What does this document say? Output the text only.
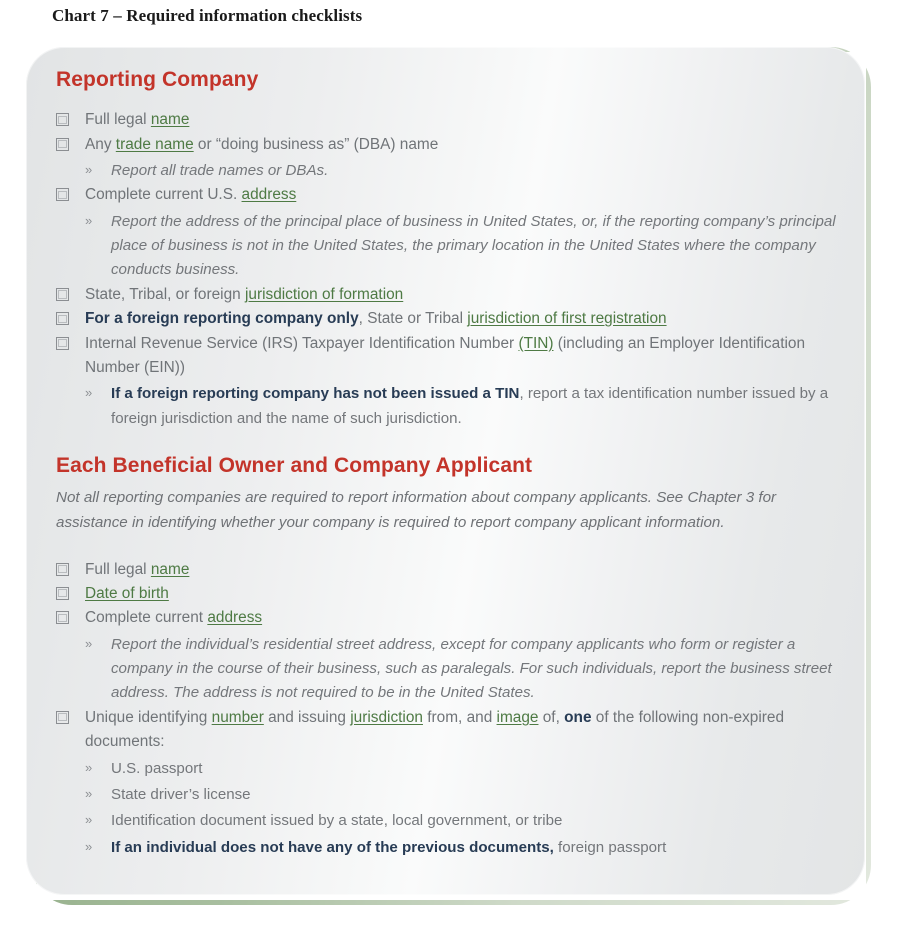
Chart 7 – Required information checklists
Reporting Company
Full legal name
Any trade name or “doing business as” (DBA) name
»	Report all trade names or DBAs.
Complete current U.S. address
»	Report the address of the principal place of business in United States, or, if the reporting company’s principal place of business is not in the United States, the primary location in the United States where the company conducts business.
State, Tribal, or foreign jurisdiction of formation
For a foreign reporting company only, State or Tribal jurisdiction of first registration
Internal Revenue Service (IRS) Taxpayer Identification Number (TIN) (including an Employer Identification Number (EIN))
»	If a foreign reporting company has not been issued a TIN, report a tax identification number issued by a foreign jurisdiction and the name of such jurisdiction.
Each Beneficial Owner and Company Applicant

Not all reporting companies are required to report information about company applicants. See Chapter 3 for assistance in identifying whether your company is required to report company applicant information.

Full legal name
Date of birth
Complete current address
»	Report the individual’s residential street address, except for company applicants who form or register a company in the course of their business, such as paralegals. For such individuals, report the business street address. The address is not required to be in the United States.
Unique identifying number and issuing jurisdiction from, and image of, one of the following non-expired documents:
»	U.S. passport
»	State driver’s license
»	Identification document issued by a state, local government, or tribe
»	If an individual does not have any of the previous documents, foreign passport
